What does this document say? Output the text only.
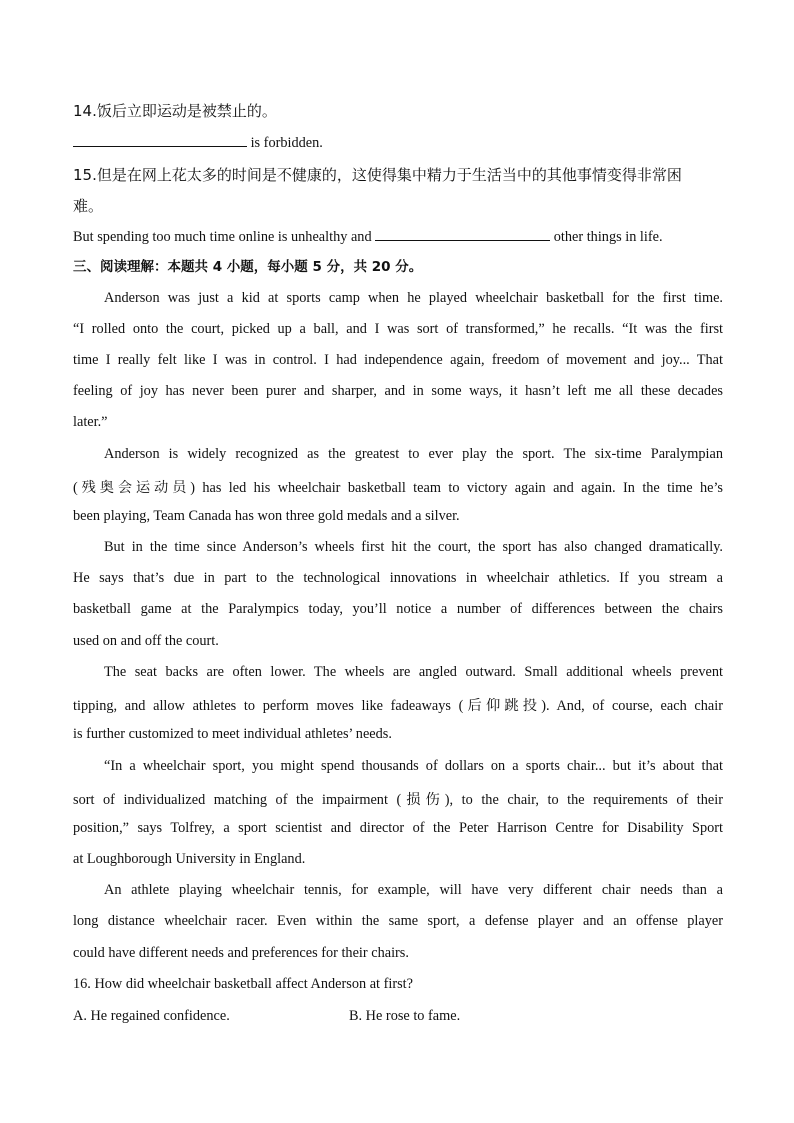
14.饭后立即运动是被禁止的。
is forbidden.
15.但是在网上花太多的时间是不健康的，这使得集中精力于生活当中的其他事情变得非常困
难。
But spending too much time online is unhealthy and	other things in life.
三、阅读理解：本题共 4 小题，每小题 5 分，共 20 分。
Anderson was just a kid at sports camp when he played wheelchair basketball for the first time.
“I rolled onto the court, picked up a ball, and I was sort of transformed,” he recalls. “It was the first
time I really felt like I was in control. I had independence again, freedom of movement and joy... That
feeling of joy has never been purer and sharper, and in some ways, it hasn’t left me all these decades
later.”
Anderson is widely recognized as the greatest to ever play the sport. The six-time Paralympian
(残奥会运动员) has led his wheelchair basketball team to victory again and again. In the time he’s
been playing, Team Canada has won three gold medals and a silver.
But in the time since Anderson’s wheels first hit the court, the sport has also changed dramatically.
He says that’s due in part to the technological innovations in wheelchair athletics. If you stream a
basketball game at the Paralympics today, you’ll notice a number of differences between the chairs
used on and off the court.
The seat backs are often lower. The wheels are angled outward. Small additional wheels prevent
tipping, and allow athletes to perform moves like fadeaways (后仰跳投). And, of course, each chair
is further customized to meet individual athletes’ needs.
“In a wheelchair sport, you might spend thousands of dollars on a sports chair... but it’s about that
sort of individualized matching of the impairment (损伤), to the chair, to the requirements of their
position,” says Tolfrey, a sport scientist and director of the Peter Harrison Centre for Disability Sport
at Loughborough University in England.
An athlete playing wheelchair tennis, for example, will have very different chair needs than a
long distance wheelchair racer. Even within the same sport, a defense player and an offense player
could have different needs and preferences for their chairs.
16. How did wheelchair basketball affect Anderson at first?
A. He regained confidence.	B. He rose to fame.
